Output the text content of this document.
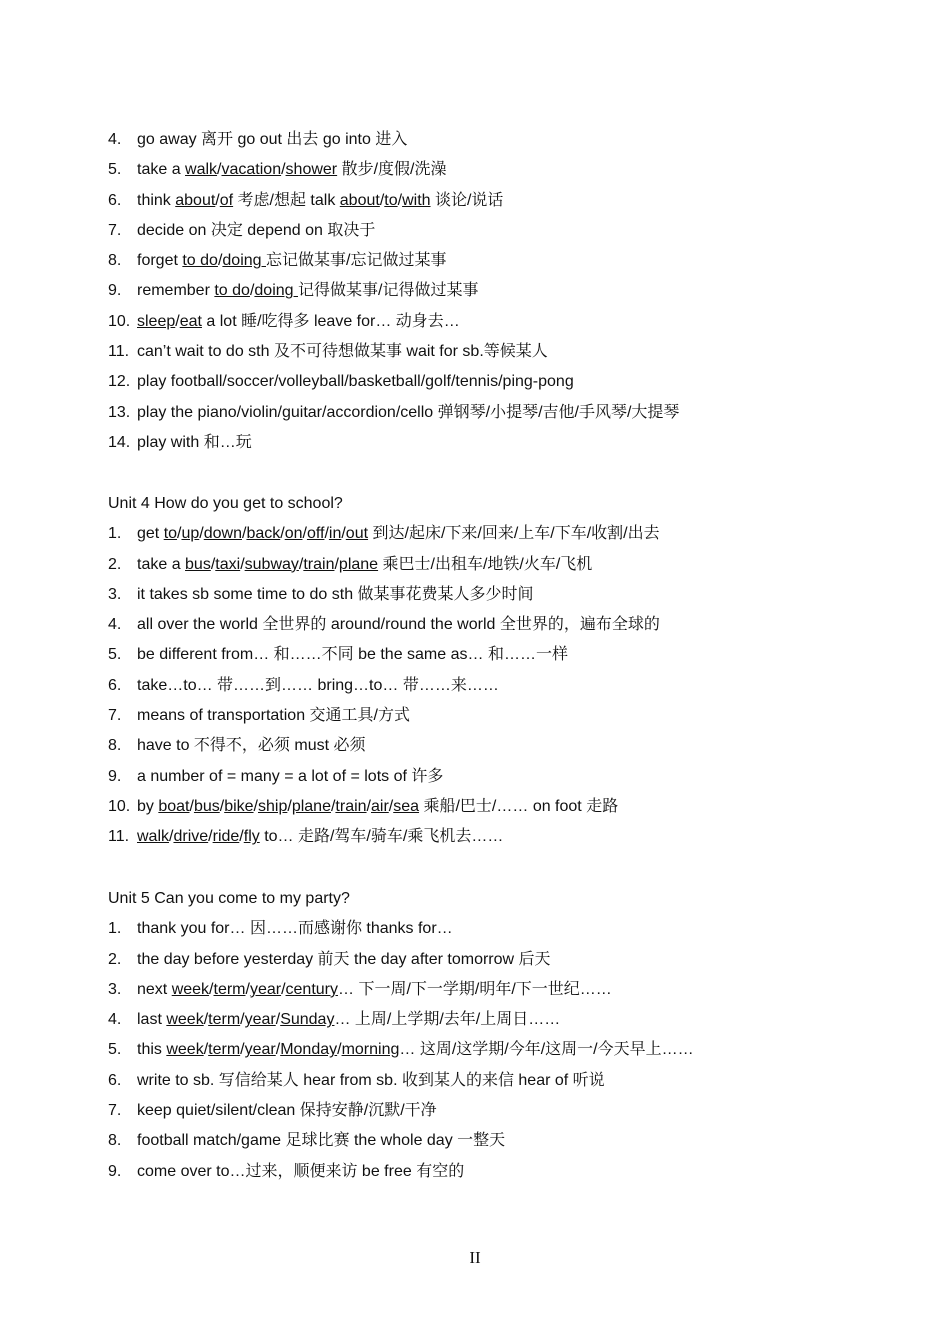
4. go away 离开 go out 出去 go into 进入
5. take a walk/vacation/shower 散步/度假/洗澡
6. think about/of 考虑/想起 talk about/to/with 谈论/说话
7. decide on 决定 depend on 取决于
8. forget to do/doing 忘记做某事/忘记做过某事
9. remember to do/doing 记得做某事/记得做过某事
10. sleep/eat a lot 睡/吃得多 leave for… 动身去…
11. can’t wait to do sth 及不可待想做某事 wait for sb.等候某人
12. play football/soccer/volleyball/basketball/golf/tennis/ping-pong
13. play the piano/violin/guitar/accordion/cello 弹钢琴/小提琴/吉他/手风琴/大提琴
14. play with 和…玩
Unit 4 How do you get to school?
1. get to/up/down/back/on/off/in/out 到达/起床/下来/回来/上车/下车/收割/出去
2. take a bus/taxi/subway/train/plane 乘巴士/出租车/地铁/火车/飞机
3. it takes sb some time to do sth 做某事花费某人多少时间
4. all over the world 全世界的 around/round the world 全世界的，遍布全球的
5. be different from… 和……不同 be the same as… 和……一样
6. take…to… 带……到…… bring…to… 带……来……
7. means of transportation 交通工具/方式
8. have to 不得不，必须 must 必须
9. a number of = many = a lot of = lots of 许多
10. by boat/bus/bike/ship/plane/train/air/sea 乘船/巴士/…… on foot 走路
11. walk/drive/ride/fly to… 走路/驾车/骑车/乘飞机去……
Unit 5 Can you come to my party?
1. thank you for… 因……而感谢你 thanks for…
2. the day before yesterday 前天 the day after tomorrow 后天
3. next week/term/year/century… 下一周/下一学期/明年/下一世纪……
4. last week/term/year/Sunday… 上周/上学期/去年/上周日……
5. this week/term/year/Monday/morning… 这周/这学期/今年/这周一/今天早上……
6. write to sb. 写信给某人 hear from sb. 收到某人的来信 hear of 听说
7. keep quiet/silent/clean 保持安静/沉默/干净
8. football match/game 足球比赛 the whole day 一整天
9. come over to…过来，顺便来访 be free 有空的
II
